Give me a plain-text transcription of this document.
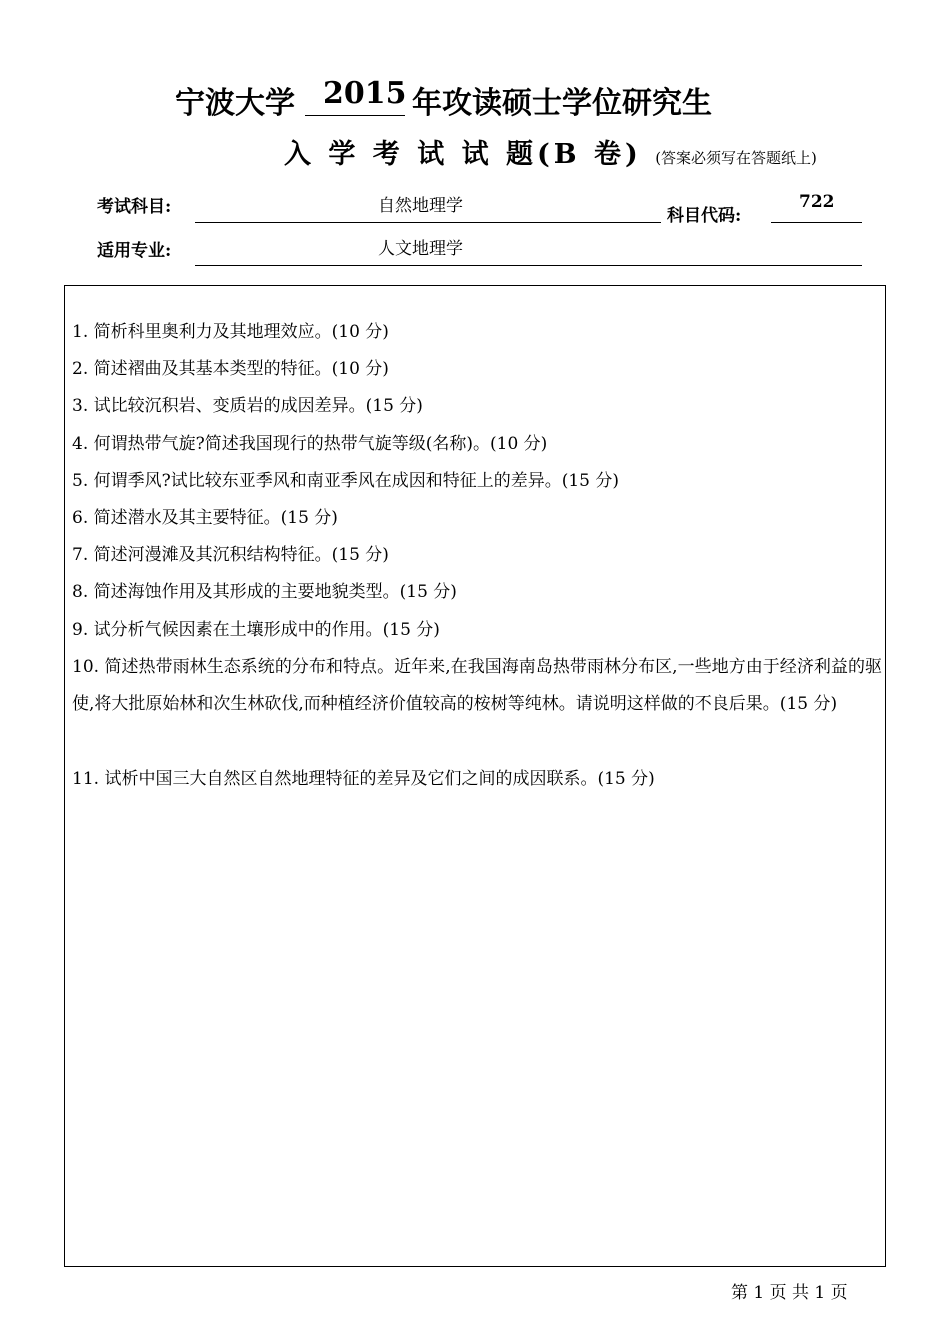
宁波大学 2015 年攻读硕士学位研究生
入 学 考 试 试 题(B 卷) (答案必须写在答题纸上)
考试科目:	自然地理学	科目代码:
722
适用专业:	人文地理学
1. 简析科里奥利力及其地理效应。(10 分)
2. 简述褶曲及其基本类型的特征。(10 分)
3. 试比较沉积岩、变质岩的成因差异。(15 分)
4. 何谓热带气旋?简述我国现行的热带气旋等级(名称)。(10 分)
5. 何谓季风?试比较东亚季风和南亚季风在成因和特征上的差异。(15 分)
6. 简述潜水及其主要特征。(15 分)
7. 简述河漫滩及其沉积结构特征。(15 分)
8. 简述海蚀作用及其形成的主要地貌类型。(15 分)
9. 试分析气候因素在土壤形成中的作用。(15 分)
10. 简述热带雨林生态系统的分布和特点。近年来,在我国海南岛热带雨林分布区,一些地方由于经济利益的驱使,将大批原始林和次生林砍伐,而种植经济价值较高的桉树等纯林。请说明这样做的不良后果。(15 分)
11. 试析中国三大自然区自然地理特征的差异及它们之间的成因联系。(15 分)
第 1 页 共 1 页
